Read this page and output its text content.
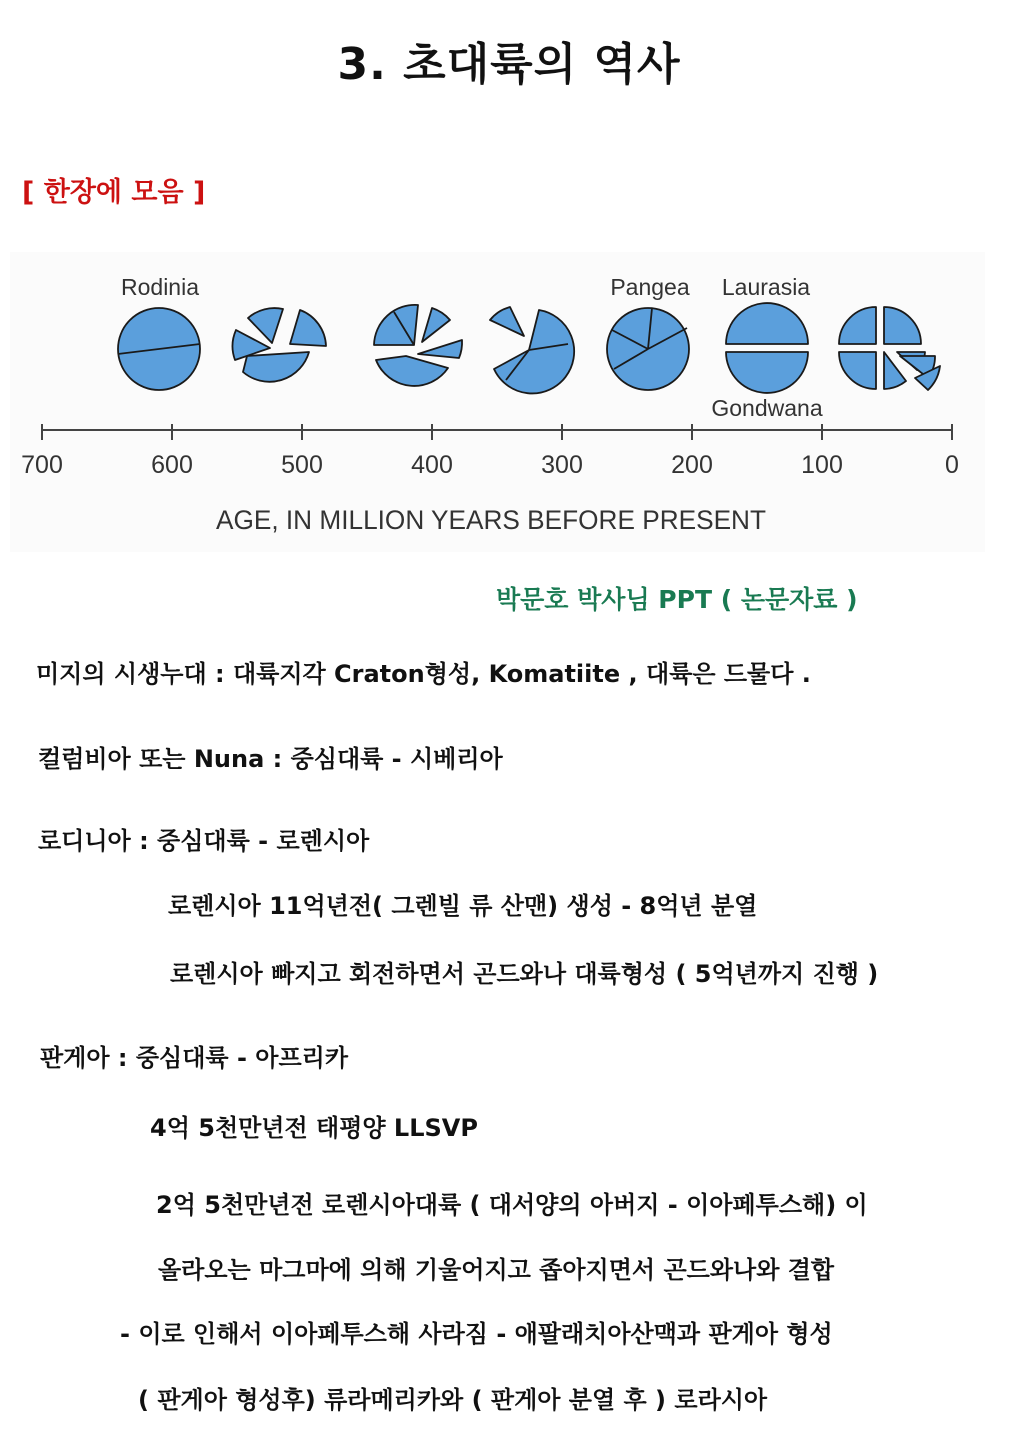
3. 초대륙의 역사
[ 한장에 모음 ]
Rodinia	Pangea Laurasia
Gondwana
700	600	500	400	300	200	100	0
AGE, IN MILLION YEARS BEFORE PRESENT
박문호 박사님 PPT ( 논문자료 )
미지의 시생누대 : 대륙지각 Craton형성, Komatiite , 대륙은 드물다 .
컬럼비아 또는 Nuna : 중심대륙 - 시베리아
로디니아 : 중심대륙 - 로렌시아
로렌시아 11억년전( 그렌빌 류 산맨) 생성 - 8억년 분열
로렌시아 빠지고 회전하면서 곤드와나 대륙형성 ( 5억년까지 진행 )
판게아 : 중심대륙 - 아프리카
4억 5천만년전 태평양 LLSVP
2억 5천만년전 로렌시아대륙 ( 대서양의 아버지 - 이아페투스해) 이
올라오는 마그마에 의해 기울어지고 좁아지면서 곤드와나와 결합
- 이로 인해서 이아페투스해 사라짐 - 애팔래치아산맥과 판게아 형성
( 판게아 형성후) 류라메리카와 ( 판게아 분열 후 ) 로라시아
